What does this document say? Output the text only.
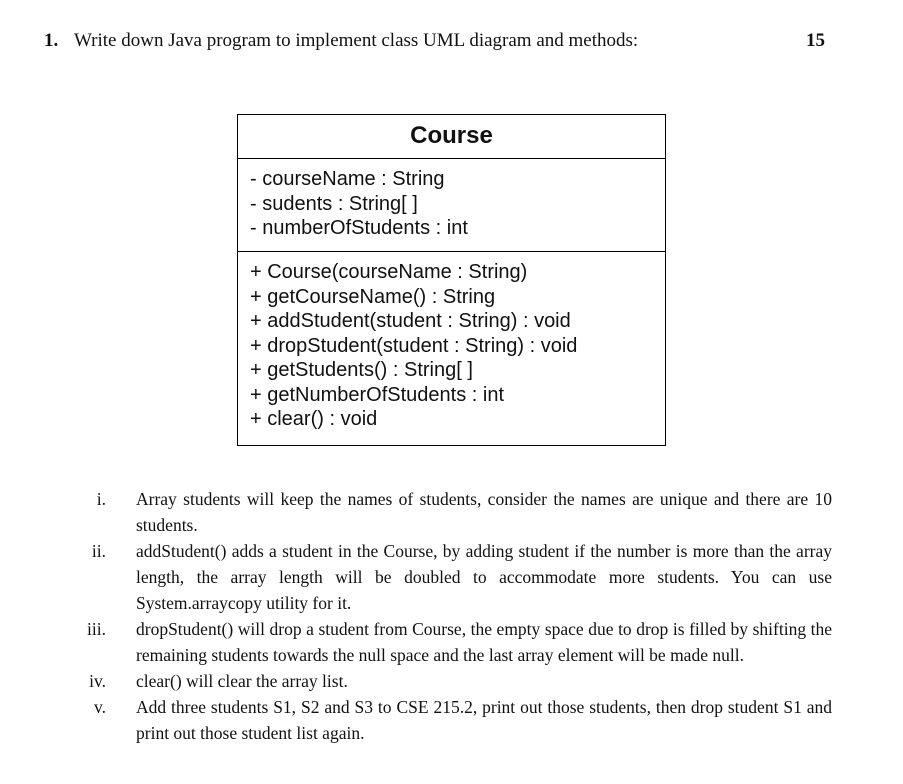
1. Write down Java program to implement class UML diagram and methods:	15
Course
- courseName : String
- sudents : String[ ]
- numberOfStudents : int
+ Course(courseName : String)
+ getCourseName() : String
+ addStudent(student : String) : void
+ dropStudent(student : String) : void
+ getStudents() : String[ ]
+ getNumberOfStudents : int
+ clear() : void
i. Array students will keep the names of students, consider the names are unique and there are 10 students.
ii. addStudent() adds a student in the Course, by adding student if the number is more than the array length, the array length will be doubled to accommodate more students. You can use System.arraycopy utility for it.
iii. dropStudent() will drop a student from Course, the empty space due to drop is filled by shifting the remaining students towards the null space and the last array element will be made null.
iv. clear() will clear the array list.
v. Add three students S1, S2 and S3 to CSE 215.2, print out those students, then drop student S1 and print out those student list again.
